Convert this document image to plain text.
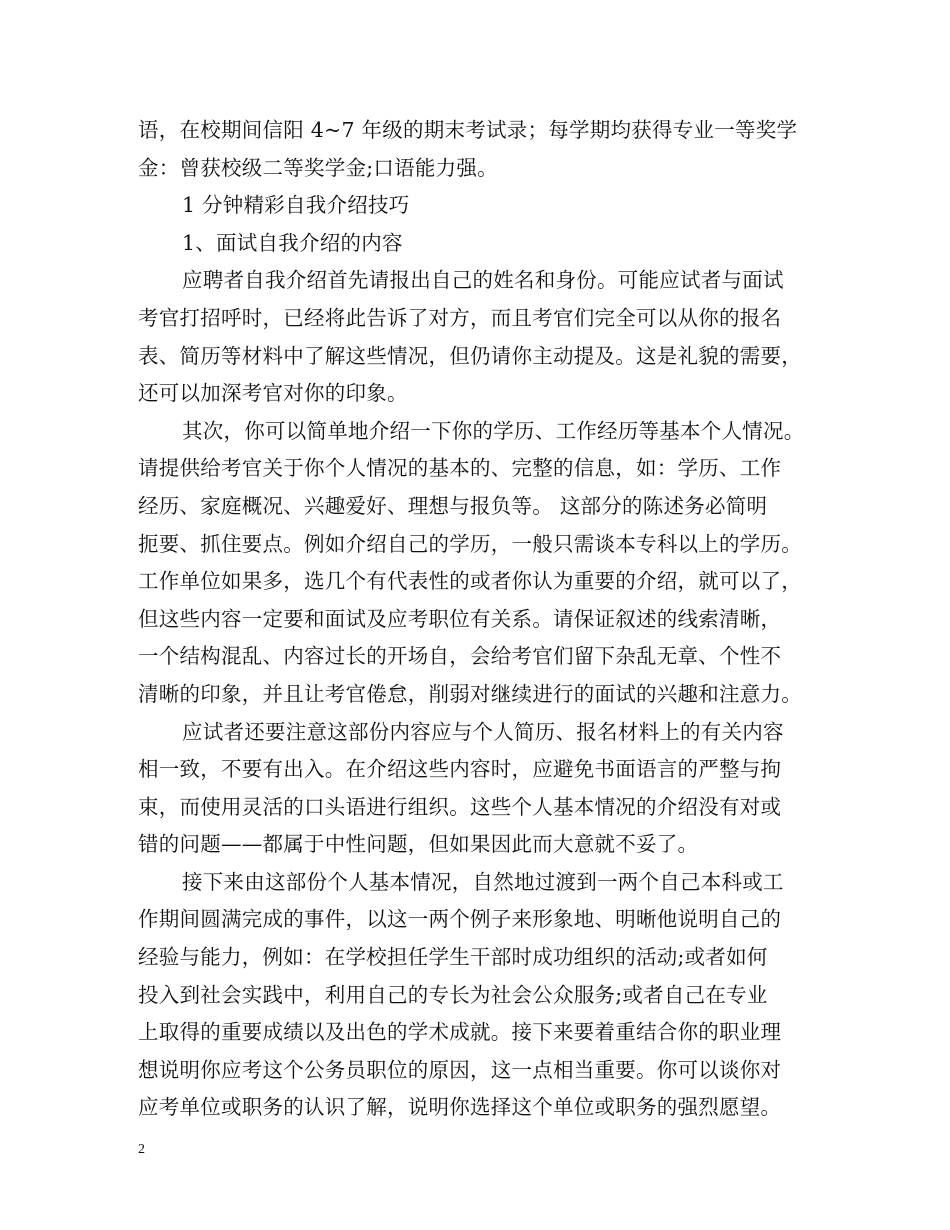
语，在校期间信阳 4~7 年级的期末考试录；每学期均获得专业一等奖学
金：曾获校级二等奖学金;口语能力强。
1 分钟精彩自我介绍技巧
1、面试自我介绍的内容
应聘者自我介绍首先请报出自己的姓名和身份。可能应试者与面试
考官打招呼时，已经将此告诉了对方，而且考官们完全可以从你的报名
表、简历等材料中了解这些情况，但仍请你主动提及。这是礼貌的需要，
还可以加深考官对你的印象。
其次，你可以简单地介绍一下你的学历、工作经历等基本个人情况。
请提供给考官关于你个人情况的基本的、完整的信息，如：学历、工作
经历、家庭概况、兴趣爱好、理想与报负等。 这部分的陈述务必简明
扼要、抓住要点。例如介绍自己的学历，一般只需谈本专科以上的学历。
工作单位如果多，选几个有代表性的或者你认为重要的介绍，就可以了，
但这些内容一定要和面试及应考职位有关系。请保证叙述的线索清晰，
一个结构混乱、内容过长的开场自，会给考官们留下杂乱无章、个性不
清晰的印象，并且让考官倦怠，削弱对继续进行的面试的兴趣和注意力。
应试者还要注意这部份内容应与个人简历、报名材料上的有关内容
相一致，不要有出入。在介绍这些内容时，应避免书面语言的严整与拘
束，而使用灵活的口头语进行组织。这些个人基本情况的介绍没有对或
错的问题——都属于中性问题，但如果因此而大意就不妥了。
接下来由这部份个人基本情况，自然地过渡到一两个自己本科或工
作期间圆满完成的事件，以这一两个例子来形象地、明晰他说明自己的
经验与能力，例如：在学校担任学生干部时成功组织的活动;或者如何
投入到社会实践中，利用自己的专长为社会公众服务;或者自己在专业
上取得的重要成绩以及出色的学术成就。接下来要着重结合你的职业理
想说明你应考这个公务员职位的原因，这一点相当重要。你可以谈你对
应考单位或职务的认识了解，说明你选择这个单位或职务的强烈愿望。
2
